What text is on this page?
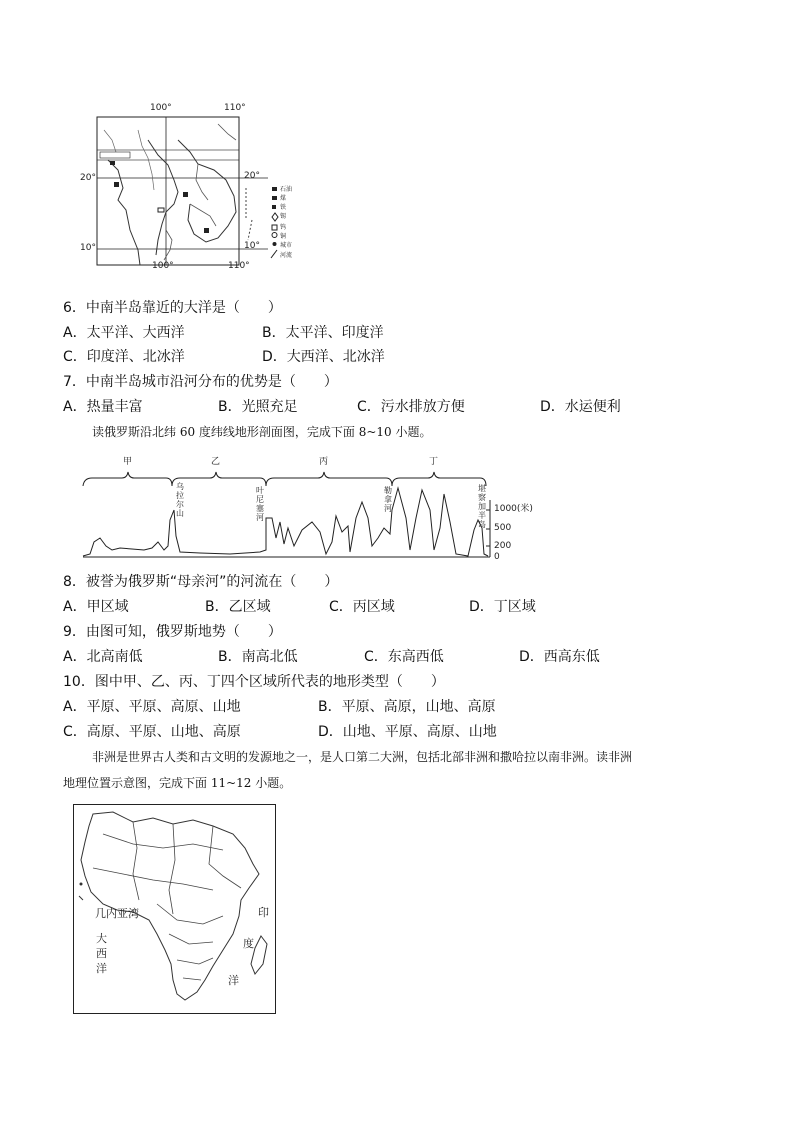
100°	110°
20°	20°
10°	10°
100°	110°
石油
煤
铁
锡
钨
铜
城市
河流
6．中南半岛靠近的大洋是（　　）
A．太平洋、大西洋	B．太平洋、印度洋
C．印度洋、北冰洋	D．大西洋、北冰洋
7．中南半岛城市沿河分布的优势是（　　）
A．热量丰富	B．光照充足	C．污水排放方便	D．水运便利
读俄罗斯沿北纬 60 度纬线地形剖面图，完成下面 8~10 小题。
甲	乙	丙	丁
乌拉尔山
叶尼塞河
勒拿河
堪察加半岛
1000(米)
500
200
0
8．被誉为俄罗斯“母亲河”的河流在（　　）
A．甲区域	B．乙区域	C．丙区域	D．丁区域
9．由图可知，俄罗斯地势（　　）
A．北高南低	B．南高北低	C．东高西低	D．西高东低
10．图中甲、乙、丙、丁四个区域所代表的地形类型（　　）
A．平原、平原、高原、山地	B．平原、高原，山地、高原
C．高原、平原、山地、高原	D．山地、平原、高原、山地
非洲是世界古人类和古文明的发源地之一，是人口第二大洲，包括北部非洲和撒哈拉以南非洲。读非洲
地理位置示意图，完成下面 11~12 小题。
几内亚湾
大
西
洋
印
度
洋
